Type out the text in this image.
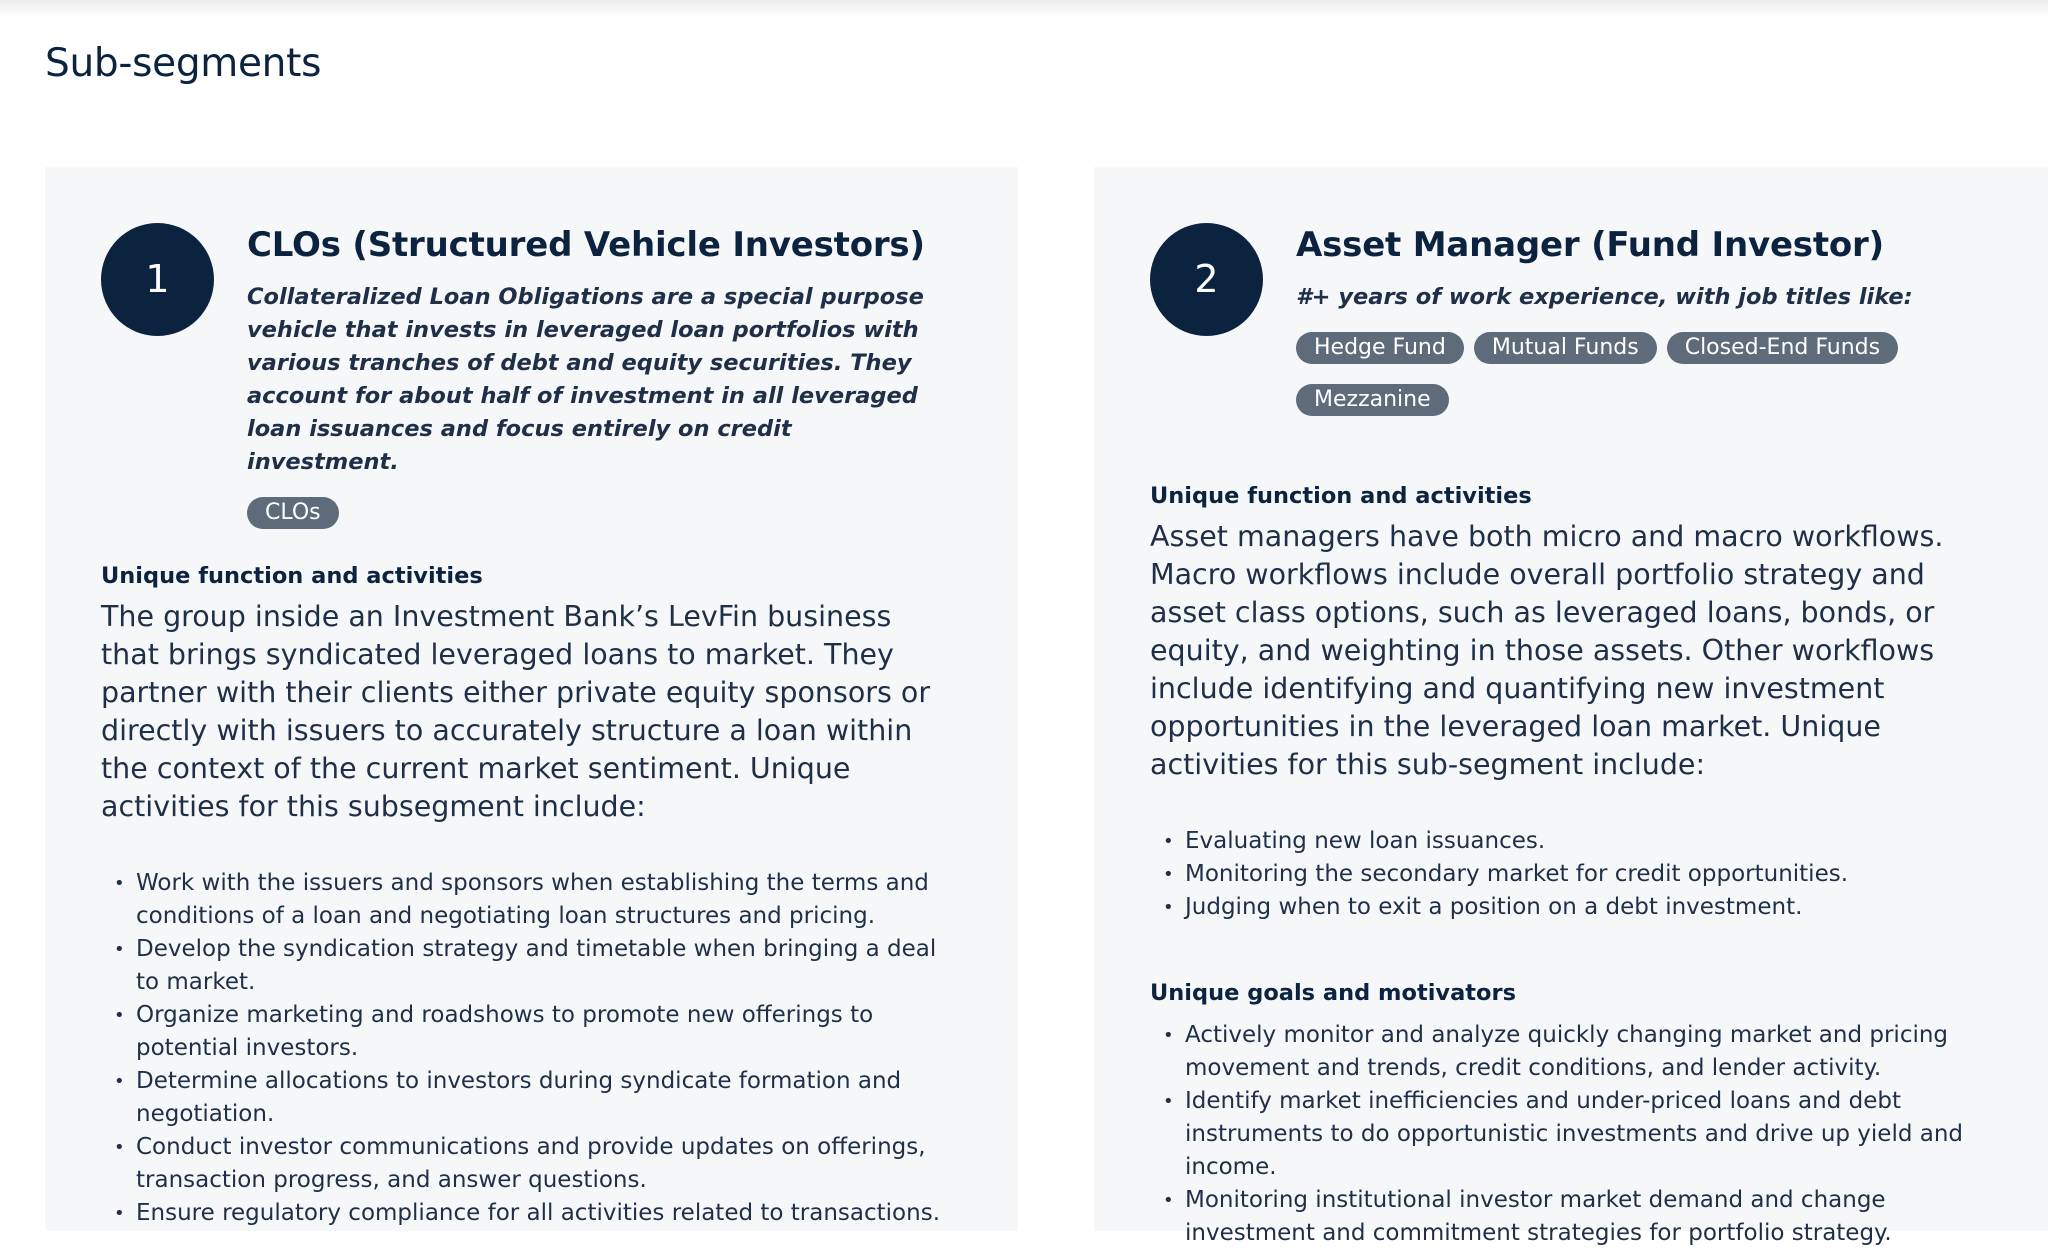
Sub-segments
1
CLOs (Structured Vehicle Investors)

Collateralized Loan Obligations are a special purpose vehicle that invests in leveraged loan portfolios with various tranches of debt and equity securities. They account for about half of investment in all leveraged loan issuances and focus entirely on credit investment.

CLOs
Unique function and activities

The group inside an Investment Bank’s LevFin business that brings syndicated leveraged loans to market. They partner with their clients either private equity sponsors or directly with issuers to accurately structure a loan within the context of the current market sentiment. Unique activities for this subsegment include:

• Work with the issuers and sponsors when establishing the terms and conditions of a loan and negotiating loan structures and pricing.
• Develop the syndication strategy and timetable when bringing a deal to market.
• Organize marketing and roadshows to promote new offerings to potential investors.
• Determine allocations to investors during syndicate formation and negotiation.
• Conduct investor communications and provide updates on offerings, transaction progress, and answer questions.
• Ensure regulatory compliance for all activities related to transactions.
2
Asset Manager (Fund Investor)

#+ years of work experience, with job titles like:

Hedge Fund	Mutual Funds	Closed-End Funds
Mezzanine
Unique function and activities

Asset managers have both micro and macro workflows. Macro workflows include overall portfolio strategy and asset class options, such as leveraged loans, bonds, or equity, and weighting in those assets. Other workflows include identifying and quantifying new investment opportunities in the leveraged loan market. Unique activities for this sub-segment include:

• Evaluating new loan issuances.
• Monitoring the secondary market for credit opportunities.
• Judging when to exit a position on a debt investment.
Unique goals and motivators
• Actively monitor and analyze quickly changing market and pricing movement and trends, credit conditions, and lender activity.
• Identify market inefficiencies and under-priced loans and debt instruments to do opportunistic investments and drive up yield and income.
• Monitoring institutional investor market demand and change investment and commitment strategies for portfolio strategy.
